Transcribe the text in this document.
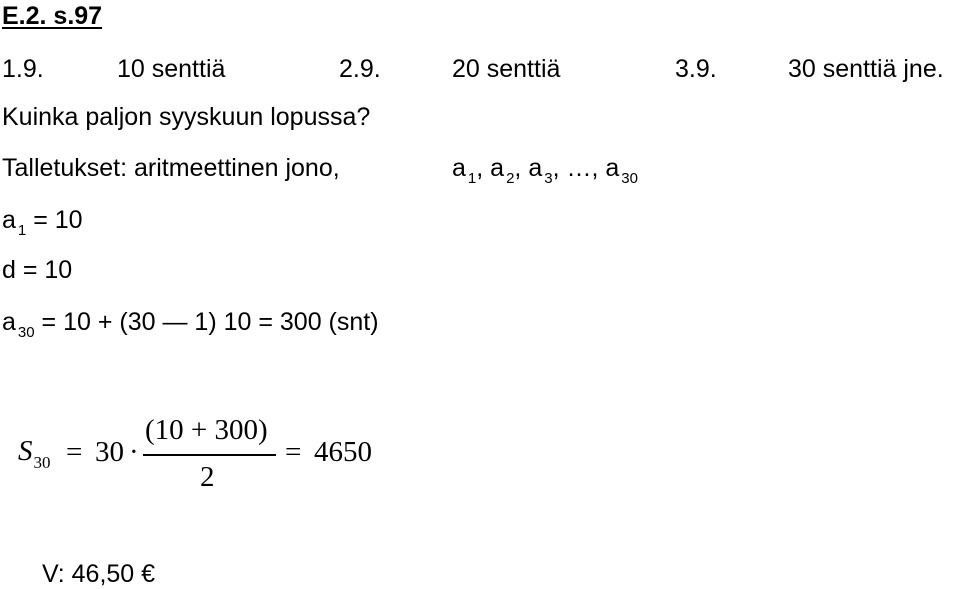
E.2. s.97
1.9.	10 senttiä	2.9.	20 senttiä	3.9.	30 senttiä jne.
Kuinka paljon syyskuun lopussa?
Talletukset: aritmeettinen jono,	a $_1$, a $_2$, a $_3$, …, a $_{30}$
a $_1$ = 10
d = 10
a $_{30}$ = 10 + (30 — 1) 10 = 300 (snt)
$S_{30} = 30$ ·
(10 + 300)
2
= 4650
V: 46,50 €
